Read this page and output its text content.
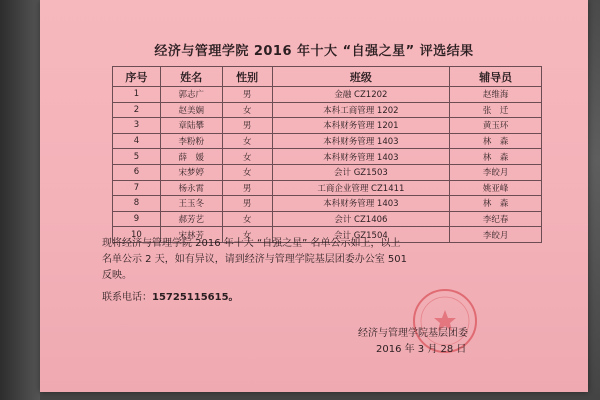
经济与管理学院 2016 年十大 “自强之星” 评选结果
序号	姓名	性别	班级	辅导员
1	郭志广	男	金融 CZ1202	赵维海
2	赵美娴	女	本科工商管理 1202	张　迁
3	章陆攀	男	本科财务管理 1201	黄玉环
4	李粉粉	女	本科财务管理 1403	林　森
5	薛　媛	女	本科财务管理 1403	林　森
6	宋梦婷	女	会计 GZ1503	李皎月
7	杨永霄	男	工商企业管理 CZ1411	姚亚峰
8	王玉冬	男	本科财务管理 1403	林　森
9	郝芳艺	女	会计 CZ1406	李纪春
10	宋林芳	女	会计 GZ1504	李皎月
现将经济与管理学院 2016 年十大 “自强之星” 名单公示如上，以上
名单公示 2 天，如有异议，请到经济与管理学院基层团委办公室 501
反映。
联系电话：15725115615。
经济与管理学院基层团委
2016 年 3 月 28 日
